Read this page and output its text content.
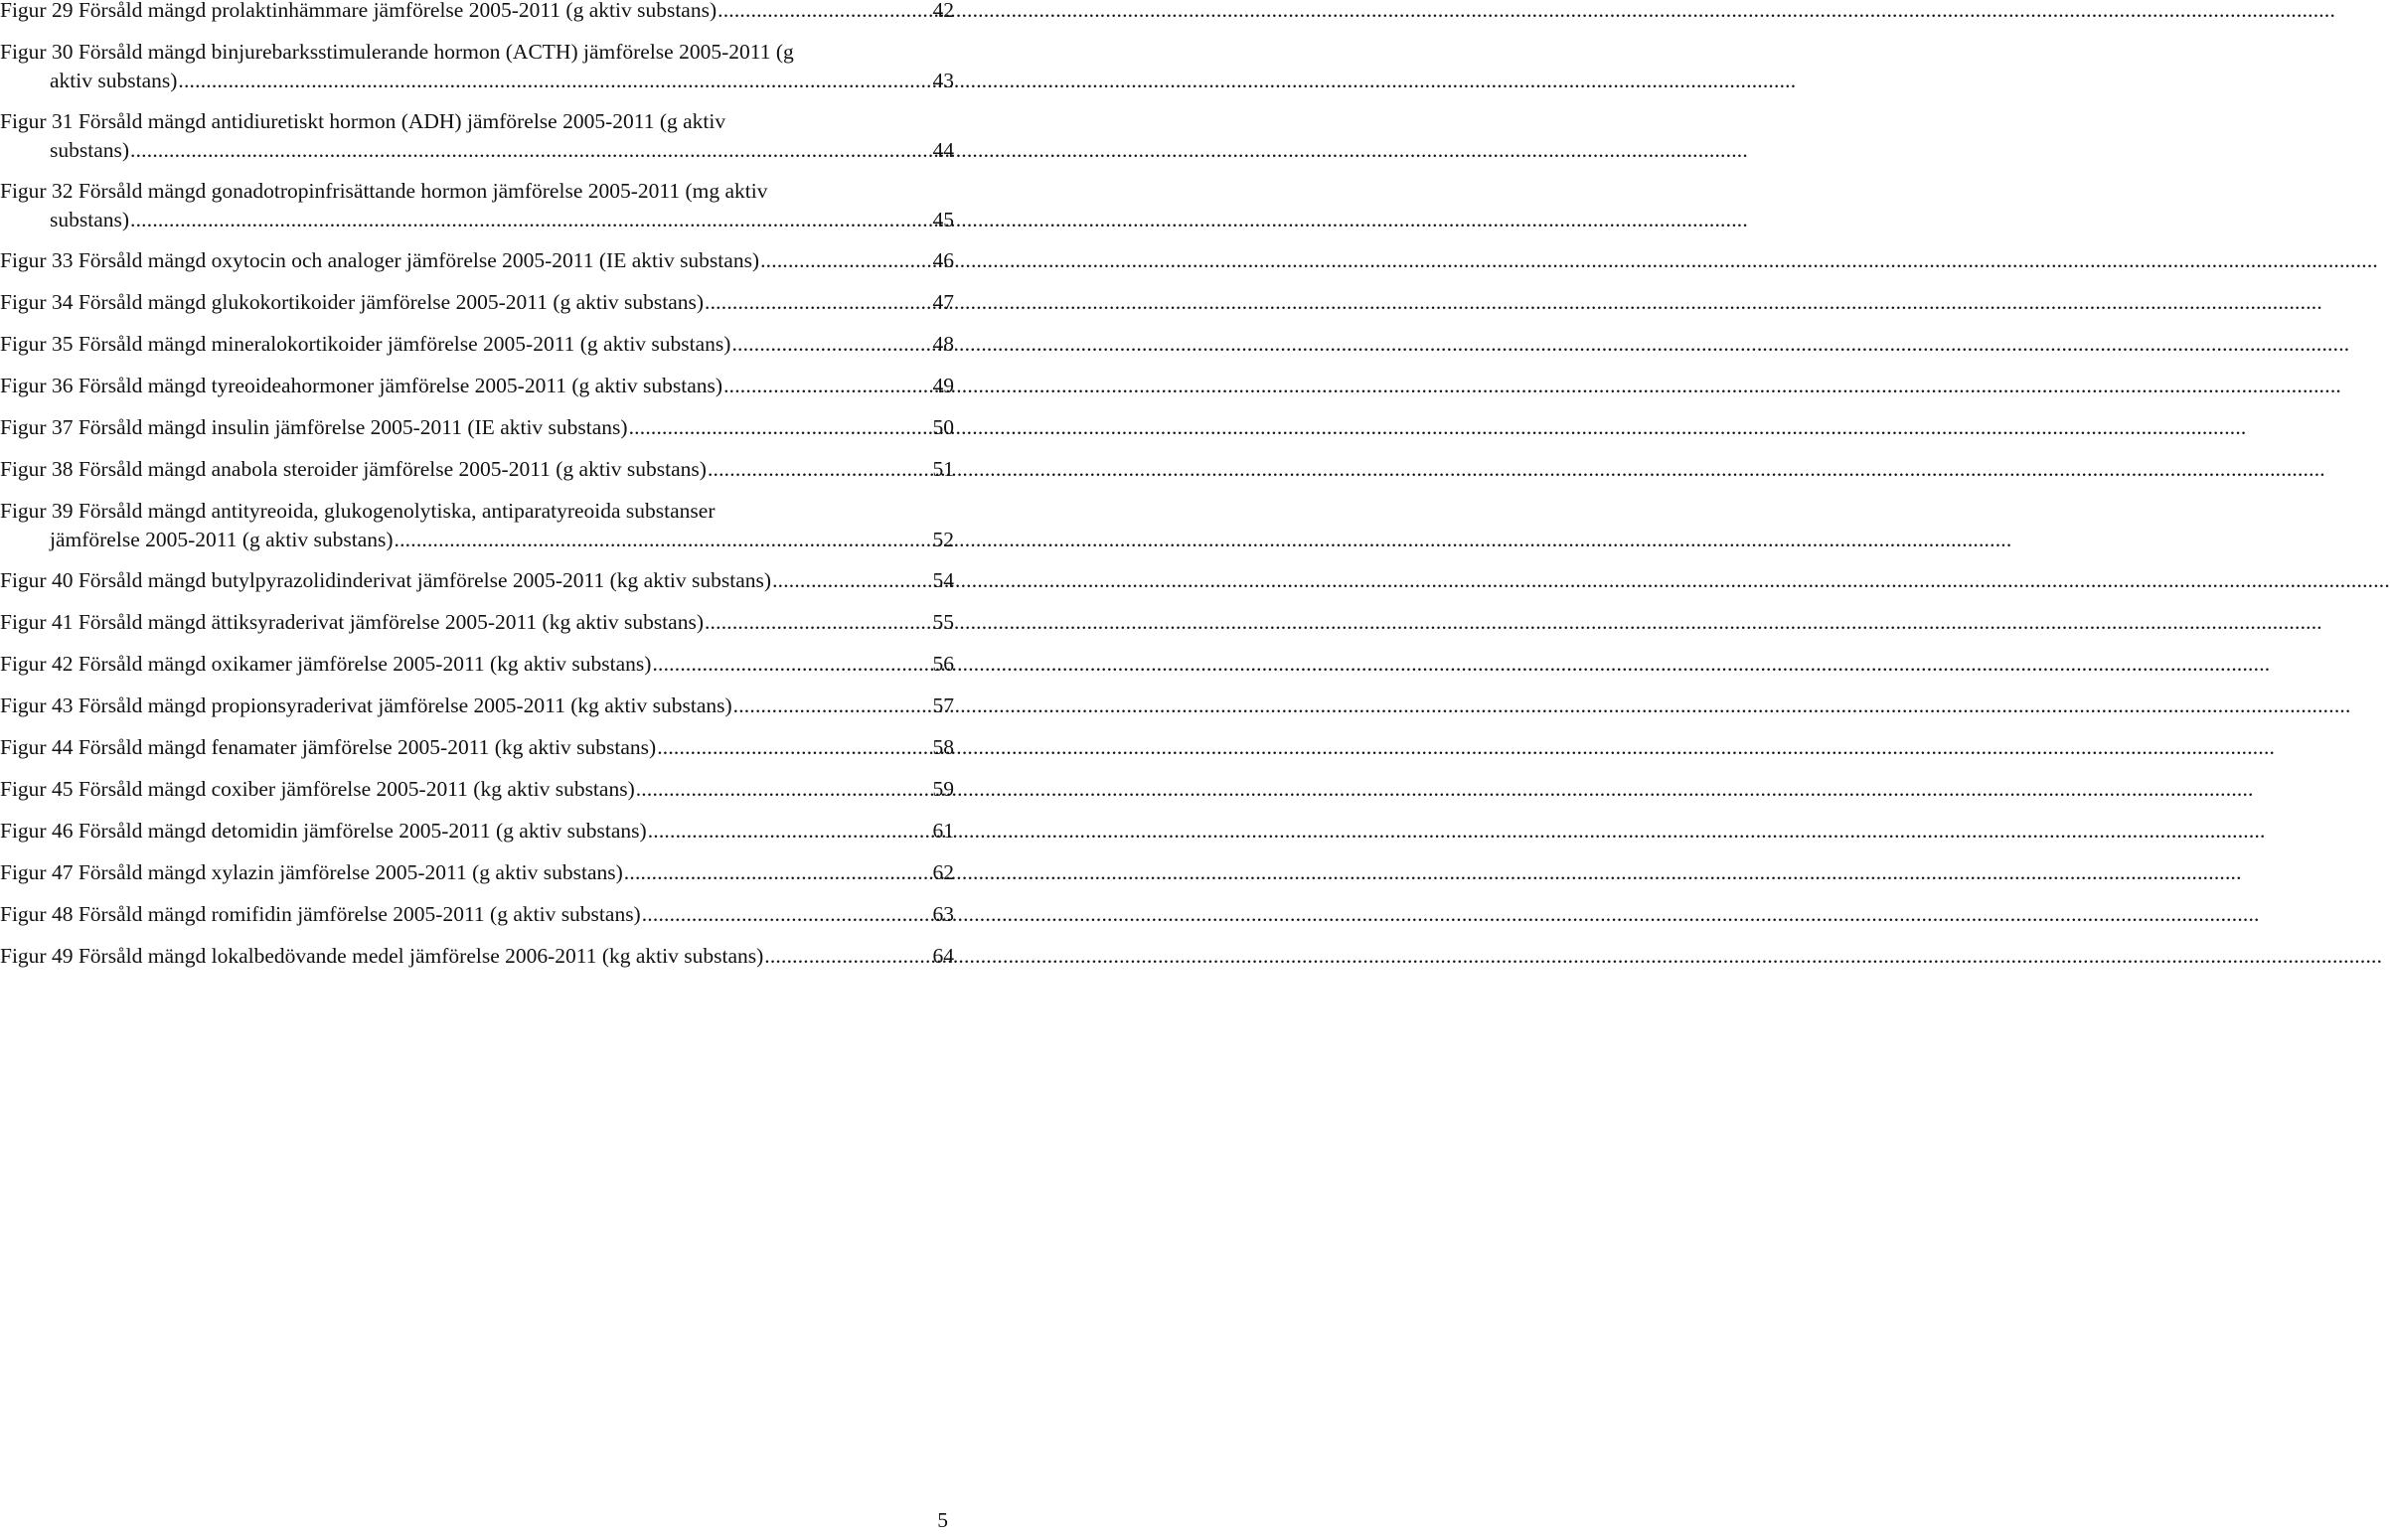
Figur 29 Försåld mängd prolaktinhämmare jämförelse 2005-2011 (g aktiv substans) .....	42
Figur 30 Försåld mängd binjurebarksstimulerande hormon (ACTH) jämförelse 2005-2011 (g
aktiv substans) .....	43
Figur 31 Försåld mängd antidiuretiskt hormon (ADH) jämförelse 2005-2011 (g aktiv
substans) .....	44
Figur 32 Försåld mängd gonadotropinfrisättande hormon jämförelse 2005-2011 (mg aktiv
substans) .....	45
Figur 33 Försåld mängd oxytocin och analoger jämförelse 2005-2011 (IE aktiv substans) .....	46
Figur 34 Försåld mängd glukokortikoider jämförelse 2005-2011 (g aktiv substans) .....	47
Figur 35 Försåld mängd mineralokortikoider jämförelse 2005-2011 (g aktiv substans) .....	48
Figur 36 Försåld mängd tyreoideahormoner jämförelse 2005-2011 (g aktiv substans) .....	49
Figur 37 Försåld mängd insulin jämförelse 2005-2011 (IE aktiv substans) .....	50
Figur 38 Försåld mängd anabola steroider jämförelse 2005-2011 (g aktiv substans) .....	51
Figur 39 Försåld mängd antityreoida, glukogenolytiska, antiparatyreoida substanser
jämförelse 2005-2011 (g aktiv substans) .....	52
Figur 40 Försåld mängd butylpyrazolidinderivat jämförelse 2005-2011 (kg aktiv substans) .....	54
Figur 41 Försåld mängd ättiksyraderivat jämförelse 2005-2011 (kg aktiv substans) .....	55
Figur 42 Försåld mängd oxikamer jämförelse 2005-2011 (kg aktiv substans) .....	56
Figur 43 Försåld mängd propionsyraderivat jämförelse 2005-2011 (kg aktiv substans) .....	57
Figur 44 Försåld mängd fenamater jämförelse 2005-2011 (kg aktiv substans) .....	58
Figur 45 Försåld mängd coxiber jämförelse 2005-2011 (kg aktiv substans) .....	59
Figur 46 Försåld mängd detomidin jämförelse 2005-2011 (g aktiv substans) .....	61
Figur 47 Försåld mängd xylazin jämförelse 2005-2011 (g aktiv substans) .....	62
Figur 48 Försåld mängd romifidin jämförelse 2005-2011 (g aktiv substans) .....	63
Figur 49 Försåld mängd lokalbedövande medel jämförelse 2006-2011 (kg aktiv substans) .....	64
5
